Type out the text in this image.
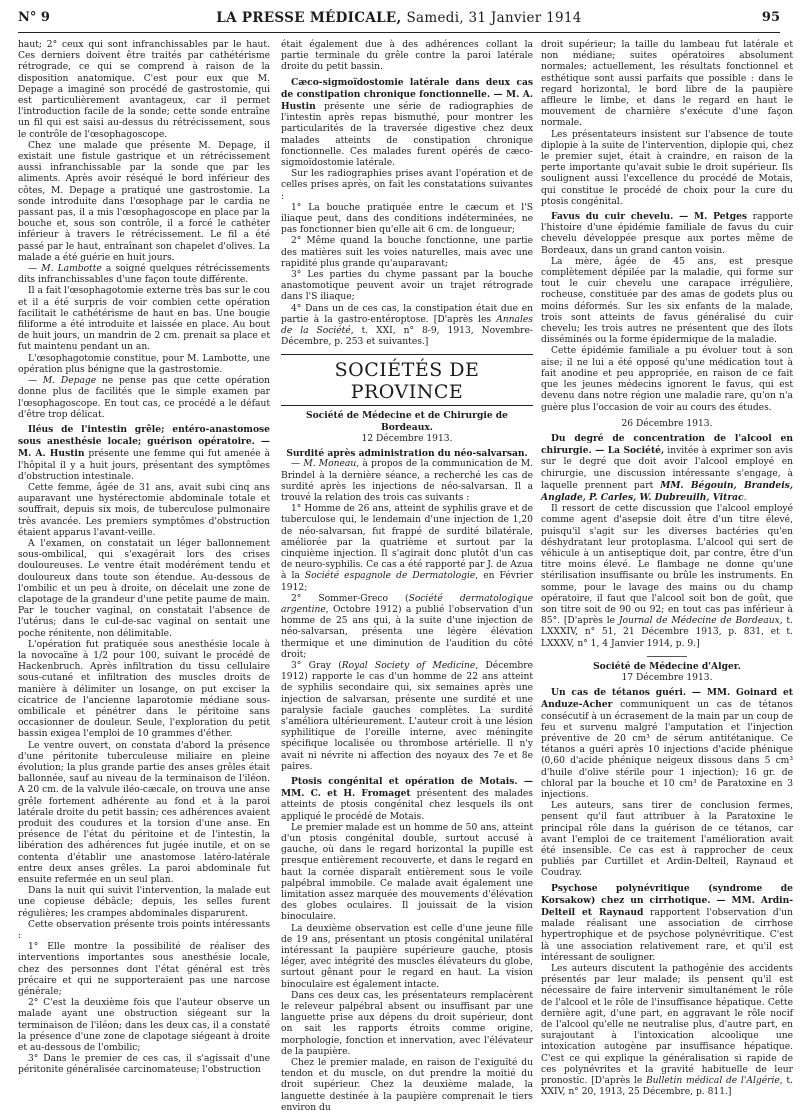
N° 9	LA PRESSE MÉDICALE, Samedi, 31 Janvier 1914	95

haut; 2° ceux qui sont infranchissables par le haut. Ces derniers doivent être traités par cathétérisme rétrograde, ce qui se comprend à raison de la disposition anatomique. C'est pour eux que M. Depage a imaginé son procédé de gastrostomie, qui est particulièrement avantageux, car il permet l'introduction facile de la sonde; cette sonde entraîne un fil qui est saisi au-dessus du rétrécissement, sous le contrôle de l'œsophagoscope.

Chez une malade que présente M. Depage, il existait une fistule gastrique et un rétrécissement aussi infranchissable par la sonde que par les aliments. Après avoir réséqué le bord inférieur des côtes, M. Depage a pratiqué une gastrostomie. La sonde introduite dans l'œsophage par le cardia ne passant pas, il a mis l'œsophagoscope en place par la bouche et, sous son contrôle, il a forcé le cathéter inférieur à travers le rétrécissement. Le fil a été passé par le haut, entraînant son chapelet d'olives. La malade a été guérie en huit jours.

— M. Lambotte a soigné quelques rétrécissements dits infranchissables d'une façon toute différente.

Il a fait l'œsophagotomie externe très bas sur le cou et il a été surpris de voir combien cette opération facilitait le cathétérisme de haut en bas. Une bougie filiforme a été introduite et laissée en place. Au bout de huit jours, un mandrin de 2 cm. prenait sa place et fut maintenu pendant un an.

L'œsophagotomie constitue, pour M. Lambotte, une opération plus bénigne que la gastrostomie.

— M. Depage ne pense pas que cette opération donne plus de facilités que le simple examen par l'œsophagoscope. En tout cas, ce procédé a le défaut d'être trop délicat.

Iléus de l'intestin grêle; entéro-anastomose sous anesthésie locale; guérison opératoire. — M. A. Hustin présente une femme qui fut amenée à l'hôpital il y a huit jours, présentant des symptômes d'obstruction intestinale.

Cette femme, âgée de 31 ans, avait subi cinq ans auparavant une hystérectomie abdominale totale et souffrait, depuis six mois, de tuberculose pulmonaire très avancée. Les premiers symptômes d'obstruction étaient apparus l'avant-veille.

A l'examen, on constatait un léger ballonnement sous-ombilical, qui s'exagérait lors des crises douloureuses. Le ventre était modérément tendu et douloureux dans toute son étendue. Au-dessous de l'ombilic et un peu à droite, on décelait une zone de clapotage de la grandeur d'une petite paume de main. Par le toucher vaginal, on constatait l'absence de l'utérus; dans le cul-de-sac vaginal on sentait une poche rénitente, non délimitable.

L'opération fut pratiquée sous anesthésie locale à la novocaïne à 1/2 pour 100, suivant le procédé de Hackenbruch. Après infiltration du tissu cellulaire sous-cutané et infiltration des muscles droits de manière à délimiter un losange, on put exciser la cicatrice de l'ancienne laparotomie médiane sous-ombilicale et pénétrer dans le péritoine sans occasionner de douleur. Seule, l'exploration du petit bassin exigea l'emploi de 10 grammes d'éther.

Le ventre ouvert, on constata d'abord la présence d'une péritonite tuberculeuse miliaire en pleine évolution; la plus grande partie des anses grêles était ballonnée, sauf au niveau de la terminaison de l'iléon. A 20 cm. de la valvule iléo-cæcale, on trouva une anse grêle fortement adhérente au fond et à la paroi latérale droite du petit bassin; ces adhérences avaient produit des coudures et la torsion d'une anse. En présence de l'état du péritoine et de l'intestin, la libération des adhérences fut jugée inutile, et on se contenta d'établir une anastomose latéro-latérale entre deux anses grêles. La paroi abdominale fut ensuite refermée en un seul plan.

Dans la nuit qui suivit l'intervention, la malade eut une copieuse débâcle; depuis, les selles furent régulières; les crampes abdominales disparurent.

Cette observation présente trois points intéressants :

1° Elle montre la possibilité de réaliser des interventions importantes sous anesthésie locale, chez des personnes dont l'état général est très précaire et qui ne supporteraient pas une narcose générale;

2° C'est la deuxième fois que l'auteur observe un malade ayant une obstruction siégeant sur la terminaison de l'iléon; dans les deux cas, il a constaté la présence d'une zone de clapotage siégeant à droite et au-dessous de l'ombilic;

3° Dans le premier de ces cas, il s'agissait d'une péritonite généralisée carcinomateuse; l'obstruction

était également due à des adhérences collant la partie terminale du grêle contre la paroi latérale droite du petit bassin.

Cæco-sigmoïdostomie latérale dans deux cas de constipation chronique fonctionnelle. — M. A. Hustin présente une série de radiographies de l'intestin après repas bismuthé, pour montrer les particularités de la traversée digestive chez deux malades atteints de constipation chronique fonctionnelle. Ces malades furent opérés de cæco-sigmoïdostomie latérale.

Sur les radiographies prises avant l'opération et de celles prises après, on fait les constatations suivantes :

1° La bouche pratiquée entre le cæcum et l'S iliaque peut, dans des conditions indéterminées, ne pas fonctionner bien qu'elle ait 6 cm. de longueur;

2° Même quand la bouche fonctionne, une partie des matières suit les voies naturelles, mais avec une rapidité plus grande qu'auparavant;

3° Les parties du chyme passant par la bouche anastomotique peuvent avoir un trajet rétrograde dans l'S iliaque;

4° Dans un de ces cas, la constipation était due en partie à la gastro-entéroptose. [D'après les Annales de la Société, t. XXI, n° 8-9, 1913, Novembre-Décembre, p. 253 et suivantes.]

SOCIÉTÉS DE PROVINCE
Société de Médecine et de Chirurgie de Bordeaux.
12 Décembre 1913.
Surdité après administration du néo-salvarsan.

— M. Moneau, à propos de la communication de M. Brindel à la dernière séance, a recherché les cas de surdité après les injections de néo-salvarsan. Il a trouvé la relation des trois cas suivants :

1° Homme de 26 ans, atteint de syphilis grave et de tuberculose qui, le lendemain d'une injection de 1,20 de néo-salvarsan, fut frappé de surdité bilatérale, améliorée par la quatrième et surtout par la cinquième injection. Il s'agirait donc plutôt d'un cas de neuro-syphilis. Ce cas a été rapporté par J. de Azua à la Société espagnole de Dermatologie, en Février 1912;

2° Sommer-Greco (Société dermatologique argentine, Octobre 1912) a publié l'observation d'un homme de 25 ans qui, à la suite d'une injection de néo-salvarsan, présenta une légère élévation thermique et une diminution de l'audition du côté droit;

3° Gray (Royal Society of Medicine, Décembre 1912) rapporte le cas d'un homme de 22 ans atteint de syphilis secondaire qui, six semaines après une injection de salvarsan, présente une surdité et une paralysie faciale gauches complètes. La surdité s'améliora ultérieurement. L'auteur croit à une lésion syphilitique de l'oreille interne, avec méningite spécifique localisée ou thrombose artérielle. Il n'y avait ni névrite ni affection des noyaux des 7e et 8e paires.

Ptosis congénital et opération de Motais. — MM. C. et H. Fromaget présentent des malades atteints de ptosis congénital chez lesquels ils ont appliqué le procédé de Motais.

Le premier malade est un homme de 50 ans, atteint d'un ptosis congénital double, surtout accusé à gauche, où dans le regard horizontal la pupille est presque entièrement recouverte, et dans le regard en haut la cornée disparaît entièrement sous le voile palpébral immobile. Ce malade avait également une limitation assez marquée des mouvements d'élévation des globes oculaires. Il jouissait de la vision binoculaire.

La deuxième observation est celle d'une jeune fille de 19 ans, présentant un ptosis congénital unilatéral intéressant la paupière supérieure gauche, ptosis léger, avec intégrité des muscles élévateurs du globe, surtout gênant pour le regard en haut. La vision binoculaire est également intacte.

Dans ces deux cas, les présentateurs remplacèrent le releveur palpébral absent ou insuffisant par une languette prise aux dépens du droit supérieur, dont on sait les rapports étroits comme origine, morphologie, fonction et innervation, avec l'élévateur de la paupière.

Chez le premier malade, en raison de l'exiguïté du tendon et du muscle, on dut prendre la moitié du droit supérieur. Chez la deuxième malade, la languette destinée à la paupière comprenait le tiers environ du

droit supérieur; la taille du lambeau fut latérale et non médiane; suites opératoires absolument normales; actuellement, les résultats fonctionnel et esthétique sont aussi parfaits que possible : dans le regard horizontal, le bord libre de la paupière affleure le limbe, et dans le regard en haut le mouvement de charnière s'exécute d'une façon normale.

Les présentateurs insistent sur l'absence de toute diplopie à la suite de l'intervention, diplopie qui, chez le premier sujet, était à craindre, en raison de la perte importante qu'avait subie le droit supérieur. Ils soulignent aussi l'excellence du procédé de Motais, qui constitue le procédé de choix pour la cure du ptosis congénital.

Favus du cuir chevelu. — M. Petges rapporte l'histoire d'une épidémie familiale de favus du cuir chevelu développée presque aux portes même de Bordeaux, dans un grand canton voisin.

La mère, âgée de 45 ans, est presque complètement dépilée par la maladie, qui forme sur tout le cuir chevelu une carapace irrégulière, rocheuse, constituée par des amas de godets plus ou moins déformés. Sur les six enfants de la malade, trois sont atteints de favus généralisé du cuir chevelu; les trois autres ne présentent que des îlots disséminés ou la forme épidermique de la maladie.

Cette épidémie familiale a pu évoluer tout à son aise; il ne lui a été opposé qu'une médication tout à fait anodine et peu appropriée, en raison de ce fait que les jeunes médecins ignorent le favus, qui est devenu dans notre région une maladie rare, qu'on n'a guère plus l'occasion de voir au cours des études.

26 Décembre 1913.

Du degré de concentration de l'alcool en chirurgie. — La Société, invitée à exprimer son avis sur le degré que doit avoir l'alcool employé en chirurgie, une discussion intéressante s'engage, à laquelle prennent part MM. Bégouin, Brandeis, Anglade, P. Carles, W. Dubreuilh, Vitrac.

Il ressort de cette discussion que l'alcool employé comme agent d'asepsie doit être d'un titre élevé, puisqu'il s'agit sur les diverses bactéries qu'en déshydratant leur protoplasma. L'alcool qui sert de véhicule à un antiseptique doit, par contre, être d'un titre moins élevé. Le flambage ne donne qu'une stérilisation insuffisante ou brûle les instruments. En somme, pour le lavage des mains ou du champ opératoire, il faut que l'alcool soit bon de goût, que son titre soit de 90 ou 92; en tout cas pas inférieur à 85°. [D'après le Journal de Médecine de Bordeaux, t. LXXXIV, n° 51, 21 Décembre 1913, p. 831, et t. LXXXV, n° 1, 4 Janvier 1914, p. 9.]

Société de Médecine d'Alger.
17 Décembre 1913.

Un cas de tétanos guéri. — MM. Goinard et Anduze-Acher communiquent un cas de tétanos consécutif à un écrasement de la main par un coup de feu et survenu malgré l'amputation et l'injection préventive de 20 cm³ de sérum antitétanique. Ce tétanos a guéri après 10 injections d'acide phénique (0,60 d'acide phénique neigeux dissous dans 5 cm³ d'huile d'olive stérile pour 1 injection); 16 gr. de chloral par la bouche et 10 cm³ de Paratoxine en 3 injections.

Les auteurs, sans tirer de conclusion fermes, pensent qu'il faut attribuer à la Paratoxine le principal rôle dans la guérison de ce tétanos, car avant l'emploi de ce traitement l'amélioration avait été insensible. Ce cas est à rapprocher de ceux publiés par Curtillet et Ardin-Delteil, Raynaud et Coudray.

Psychose polynévritique (syndrome de Korsakow) chez un cirrhotique. — MM. Ardin-Delteil et Raynaud rapportent l'observation d'un malade réalisant une association de cirrhose hypertrophique et de psychose polynévritique. C'est là une association relativement rare, et qu'il est intéressant de souligner.

Les auteurs discutent la pathogénie des accidents présentés par leur malade; ils pensent qu'il est nécessaire de faire intervenir simultanément le rôle de l'alcool et le rôle de l'insuffisance hépatique. Cette dernière agit, d'une part, en aggravant le rôle nocif de l'alcool qu'elle ne neutralise plus, d'autre part, en surajoutant à l'intoxication alcoolique une intoxication autogène par insuffisance hépatique. C'est ce qui explique la généralisation si rapide de ces polynévrites et la gravité habituelle de leur pronostic. [D'après le Bulletin médical de l'Algérie, t. XXIV, n° 20, 1913, 25 Décembre, p. 811.]
